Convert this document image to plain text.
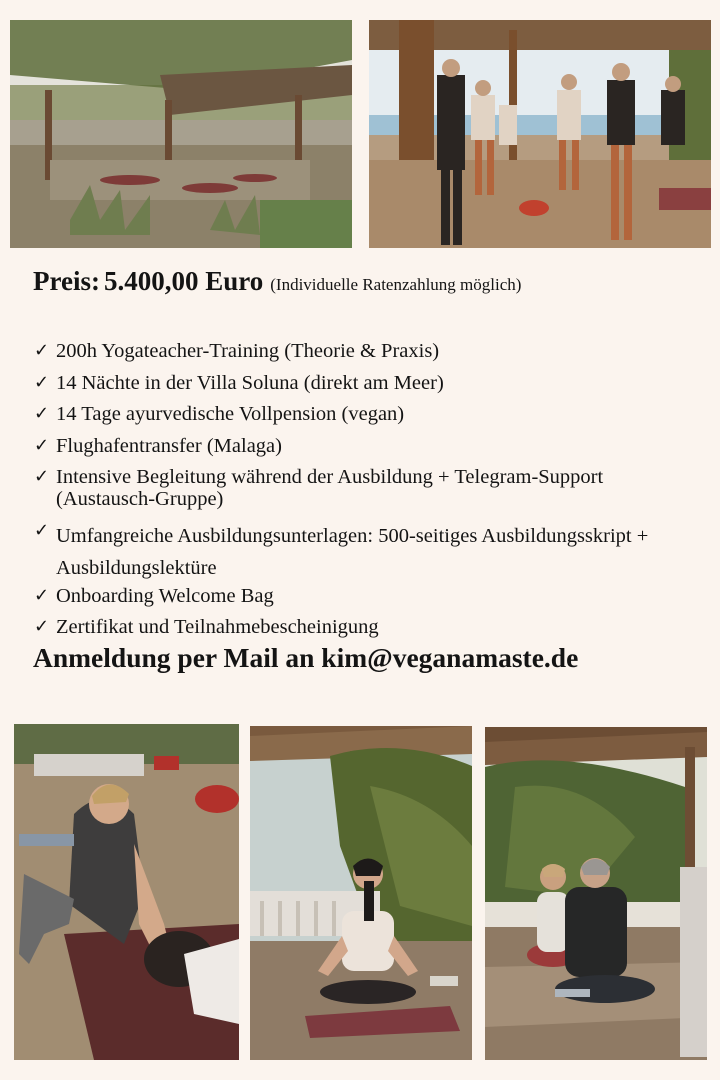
Preis: 5.400,00 Euro (Individuelle Ratenzahlung möglich)
✓ 200h Yogateacher-Training (Theorie & Praxis)
✓ 14 Nächte in der Villa Soluna (direkt am Meer)
✓ 14 Tage ayurvedische Vollpension (vegan)
✓ Flughafentransfer (Malaga)
✓ Intensive Begleitung während der Ausbildung + Telegram-Support (Austausch-Gruppe)
✓ Umfangreiche Ausbildungsunterlagen: 500-seitiges Ausbildungsskript + Ausbildungslektüre
✓ Onboarding Welcome Bag
✓ Zertifikat und Teilnahmebescheinigung
Anmeldung per Mail an kim@veganamaste.de
